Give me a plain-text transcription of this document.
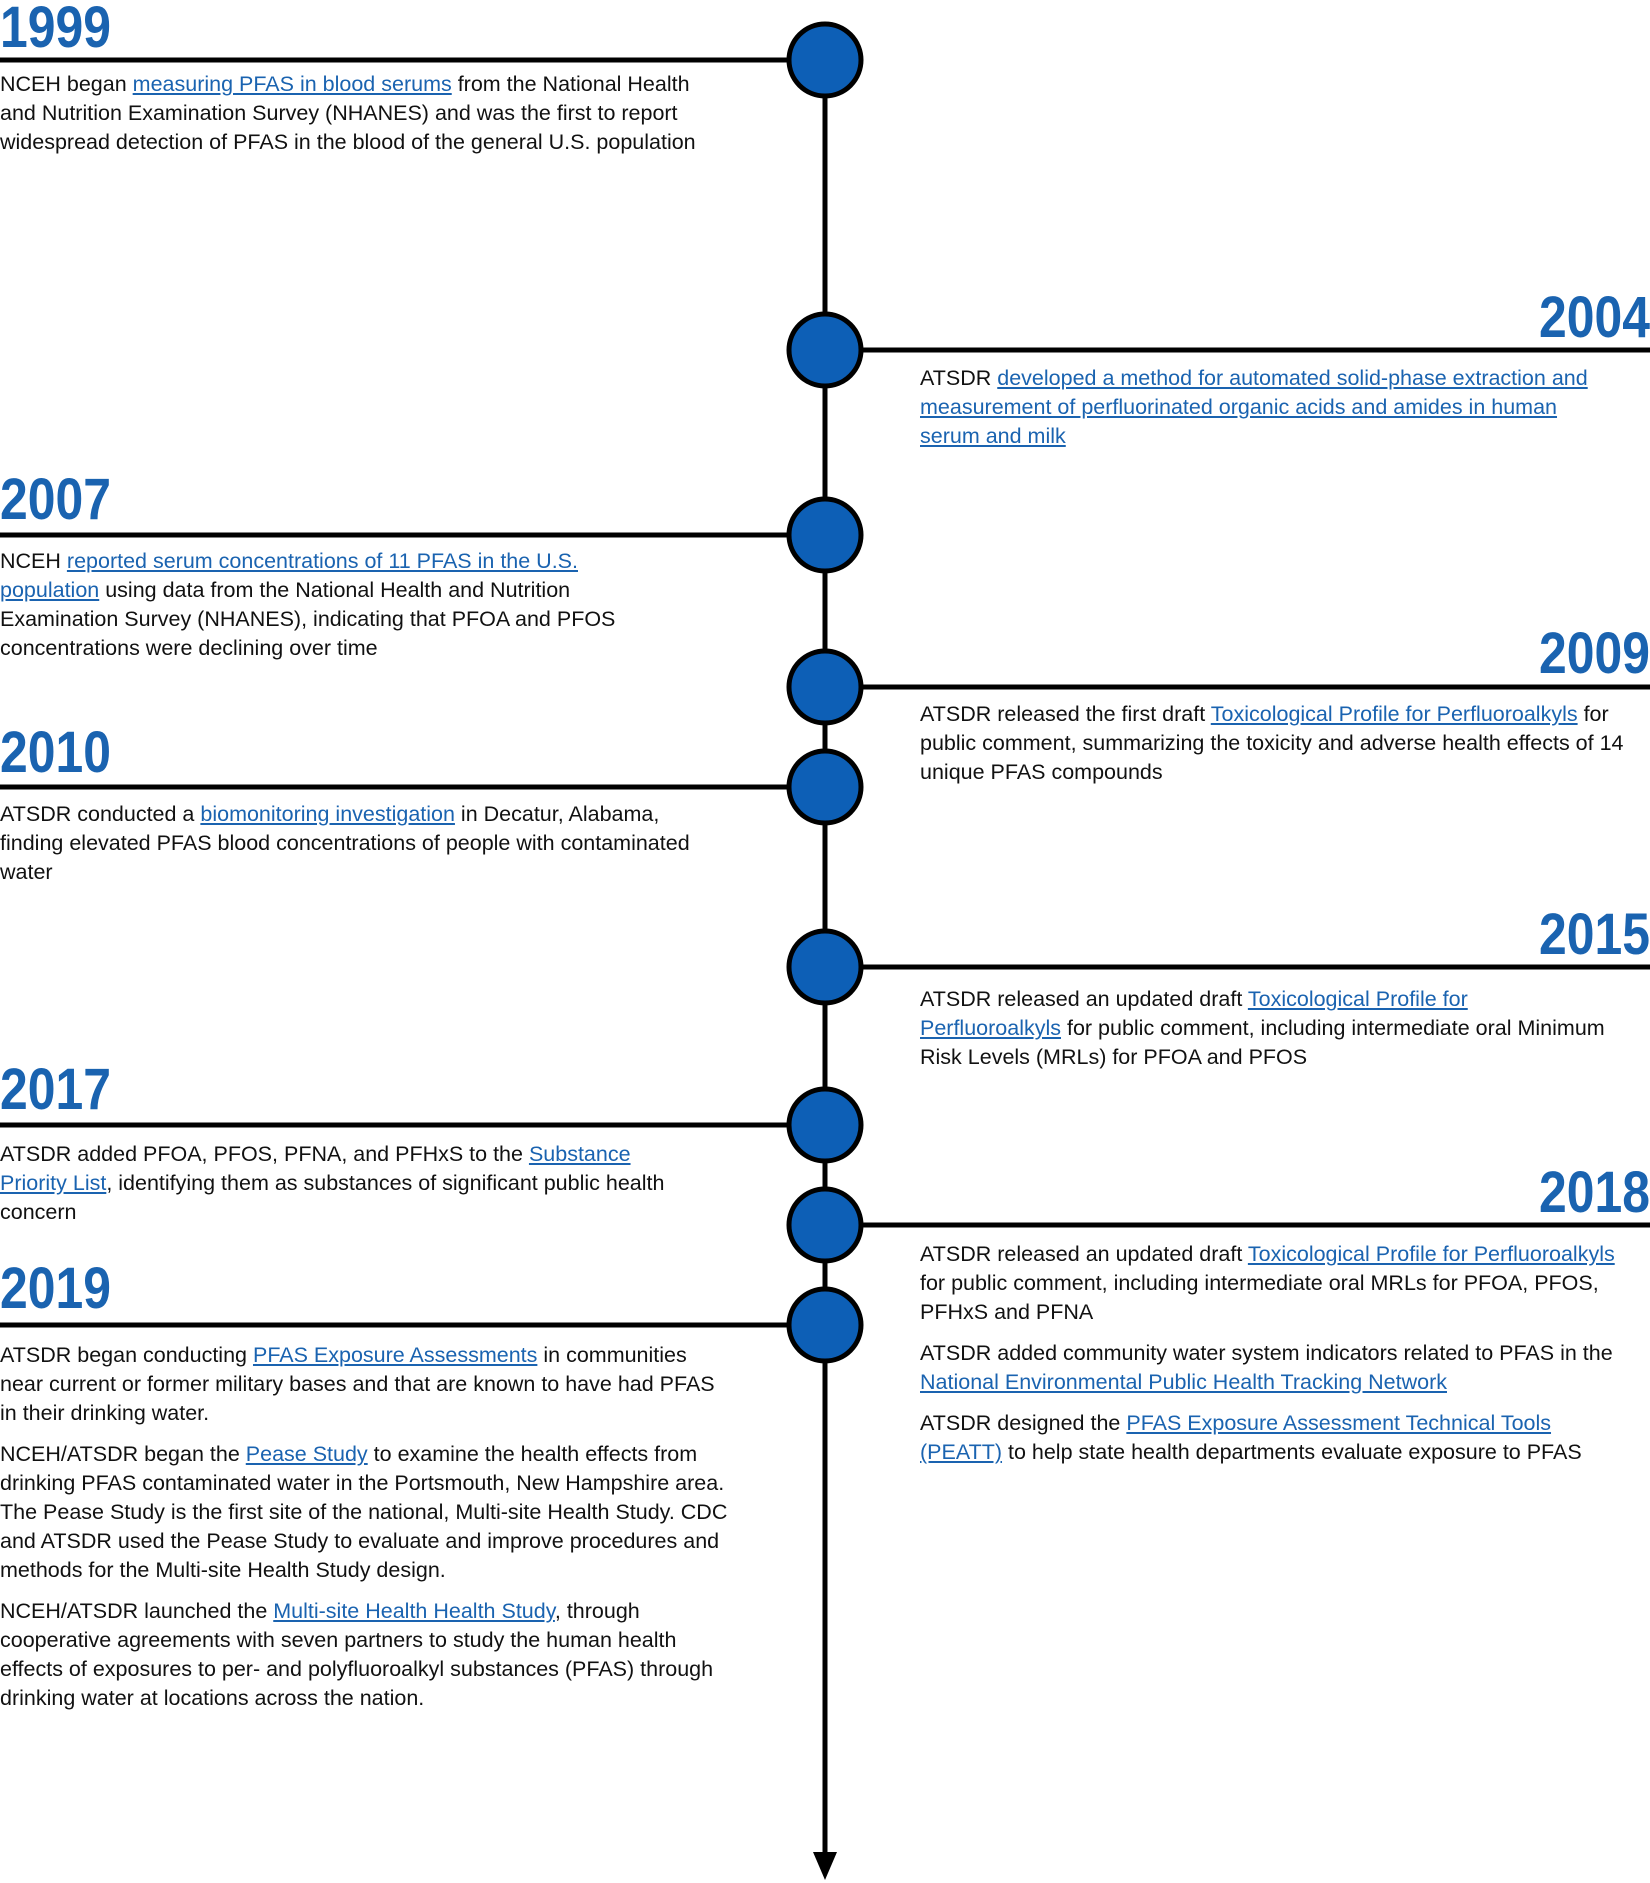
1999

NCEH began measuring PFAS in blood serums from the National Health and Nutrition Examination Survey (NHANES) and was the first to report widespread detection of PFAS in the blood of the general U.S. population

2004

ATSDR developed a method for automated solid-phase extraction and measurement of perfluorinated organic acids and amides in human serum and milk

2007

NCEH reported serum concentrations of 11 PFAS in the U.S. population using data from the National Health and Nutrition Examination Survey (NHANES), indicating that PFOA and PFOS concentrations were declining over time	2009

ATSDR released the first draft Toxicological Profile for Perfluoroalkyls for public comment, summarizing the toxicity and adverse health effects of 14 unique PFAS compounds

2010

ATSDR conducted a biomonitoring investigation in Decatur, Alabama, finding elevated PFAS blood concentrations of people with contaminated water

2015

ATSDR released an updated draft Toxicological Profile for Perfluoroalkyls for public comment, including intermediate oral Minimum Risk Levels (MRLs) for PFOA and PFOS

2017

ATSDR added PFOA, PFOS, PFNA, and PFHxS to the Substance Priority List, identifying them as substances of significant public health concern	2018

ATSDR released an updated draft Toxicological Profile for Perfluoroalkyls for public comment, including intermediate oral MRLs for PFOA, PFOS, PFHxS and PFNA

ATSDR added community water system indicators related to PFAS in the National Environmental Public Health Tracking Network

ATSDR designed the PFAS Exposure Assessment Technical Tools (PEATT) to help state health departments evaluate exposure to PFAS

2019

ATSDR began conducting PFAS Exposure Assessments in communities near current or former military bases and that are known to have had PFAS in their drinking water.

NCEH/ATSDR began the Pease Study to examine the health effects from drinking PFAS contaminated water in the Portsmouth, New Hampshire area. The Pease Study is the first site of the national, Multi-site Health Study. CDC and ATSDR used the Pease Study to evaluate and improve procedures and methods for the Multi-site Health Study design.

NCEH/ATSDR launched the Multi-site Health Health Study, through cooperative agreements with seven partners to study the human health effects of exposures to per- and polyfluoroalkyl substances (PFAS) through drinking water at locations across the nation.
